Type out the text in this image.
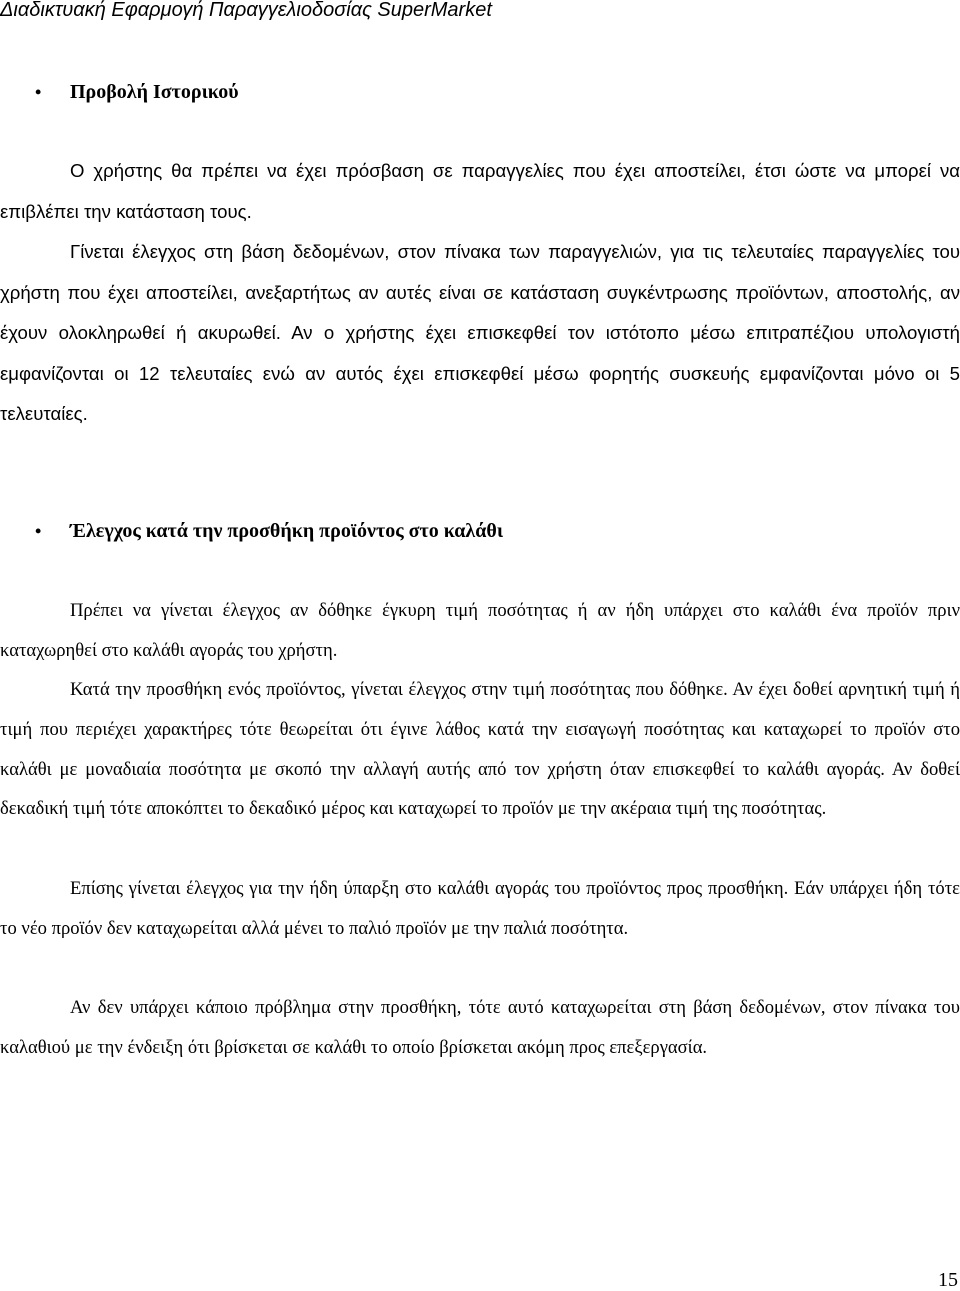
Διαδικτυακή Εφαρμογή Παραγγελιοδοσίας SuperMarket
• Προβολή Ιστορικού

Ο χρήστης θα πρέπει να έχει πρόσβαση σε παραγγελίες που έχει αποστείλει, έτσι ώστε να μπορεί να επιβλέπει την κατάσταση τους.

Γίνεται έλεγχος στη βάση δεδομένων, στον πίνακα των παραγγελιών, για τις τελευταίες παραγγελίες του χρήστη που έχει αποστείλει, ανεξαρτήτως αν αυτές είναι σε κατάσταση συγκέντρωσης προϊόντων, αποστολής, αν έχουν ολοκληρωθεί ή ακυρωθεί. Αν ο χρήστης έχει επισκεφθεί τον ιστότοπο μέσω επιτραπέζιου υπολογιστή εμφανίζονται οι 12 τελευταίες ενώ αν αυτός έχει επισκεφθεί μέσω φορητής συσκευής εμφανίζονται μόνο οι 5 τελευταίες.

• Έλεγχος κατά την προσθήκη προϊόντος στο καλάθι

Πρέπει να γίνεται έλεγχος αν δόθηκε έγκυρη τιμή ποσότητας ή αν ήδη υπάρχει στο καλάθι ένα προϊόν πριν καταχωρηθεί στο καλάθι αγοράς του χρήστη.

Κατά την προσθήκη ενός προϊόντος, γίνεται έλεγχος στην τιμή ποσότητας που δόθηκε. Αν έχει δοθεί αρνητική τιμή ή τιμή που περιέχει χαρακτήρες τότε θεωρείται ότι έγινε λάθος κατά την εισαγωγή ποσότητας και καταχωρεί το προϊόν στο καλάθι με μοναδιαία ποσότητα με σκοπό την αλλαγή αυτής από τον χρήστη όταν επισκεφθεί το καλάθι αγοράς. Αν δοθεί δεκαδική τιμή τότε αποκόπτει το δεκαδικό μέρος και καταχωρεί το προϊόν με την ακέραια τιμή της ποσότητας.

Επίσης γίνεται έλεγχος για την ήδη ύπαρξη στο καλάθι αγοράς του προϊόντος προς προσθήκη. Εάν υπάρχει ήδη τότε το νέο προϊόν δεν καταχωρείται αλλά μένει το παλιό προϊόν με την παλιά ποσότητα.

Αν δεν υπάρχει κάποιο πρόβλημα στην προσθήκη, τότε αυτό καταχωρείται στη βάση δεδομένων, στον πίνακα του καλαθιού με την ένδειξη ότι βρίσκεται σε καλάθι το οποίο βρίσκεται ακόμη προς επεξεργασία.

15
